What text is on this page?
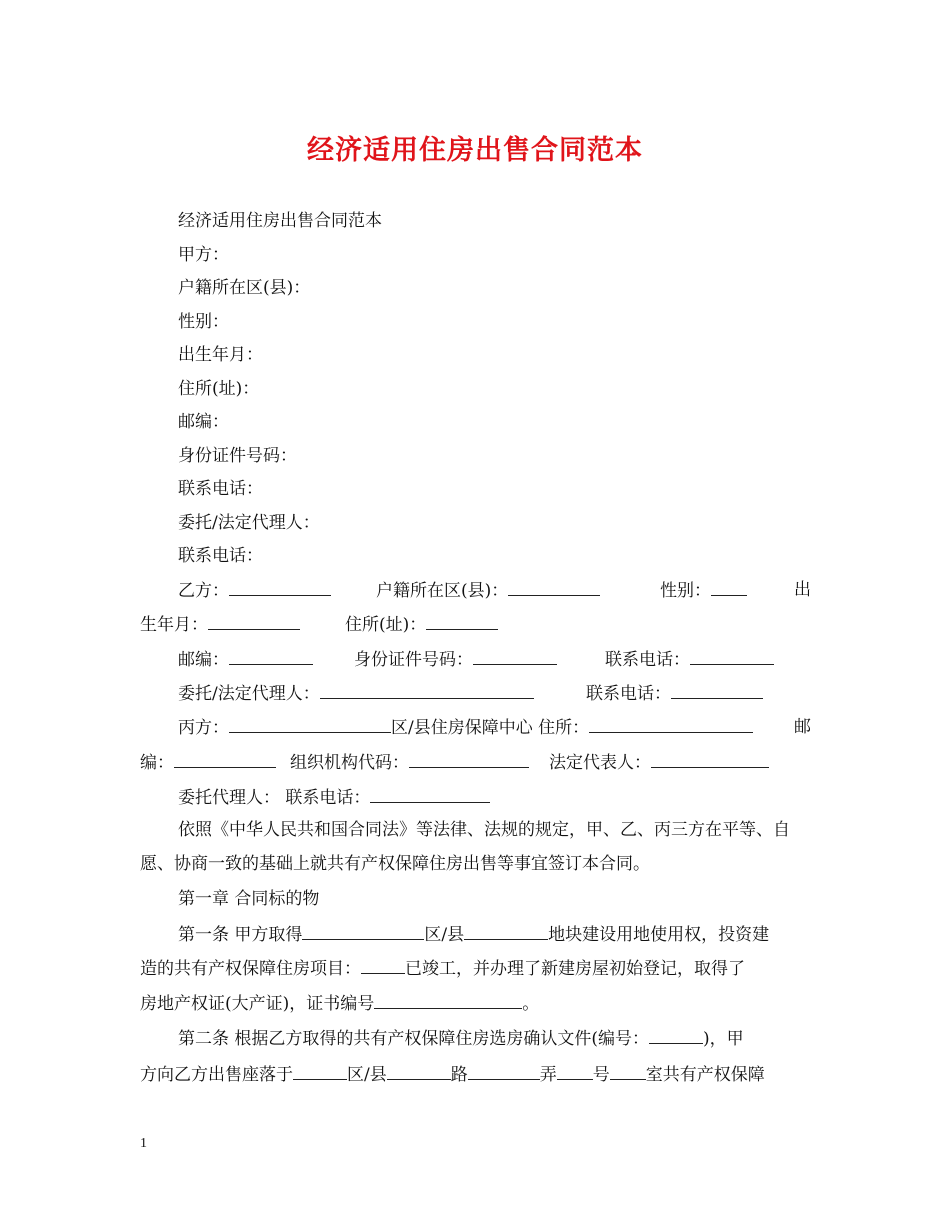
经济适用住房出售合同范本
经济适用住房出售合同范本
甲方：
户籍所在区(县)：
性别：
出生年月：
住所(址)：
邮编：
身份证件号码：
联系电话：
委托/法定代理人：
联系电话：
乙方：	户籍所在区(县)：	性别：	出
生年月：	住所(址)：
邮编：	身份证件号码：	联系电话：
委托/法定代理人：	联系电话：
丙方：	区/县住房保障中心 住所：	邮
编：	组织机构代码：	法定代表人：
委托代理人： 联系电话：
依照《中华人民共和国合同法》等法律、法规的规定，甲、乙、丙三方在平等、自愿、协商一致的基础上就共有产权保障住房出售等事宜签订本合同。
第一章 合同标的物
第一条 甲方取得	区/县	地块建设用地使用权，投资建
造的共有产权保障住房项目：	已竣工，并办理了新建房屋初始登记，取得了
房地产权证(大产证)，证书编号	。
第二条 根据乙方取得的共有产权保障住房选房确认文件(编号：	)，甲
方向乙方出售座落于	区/县	路	弄 号 室共有产权保障
1
